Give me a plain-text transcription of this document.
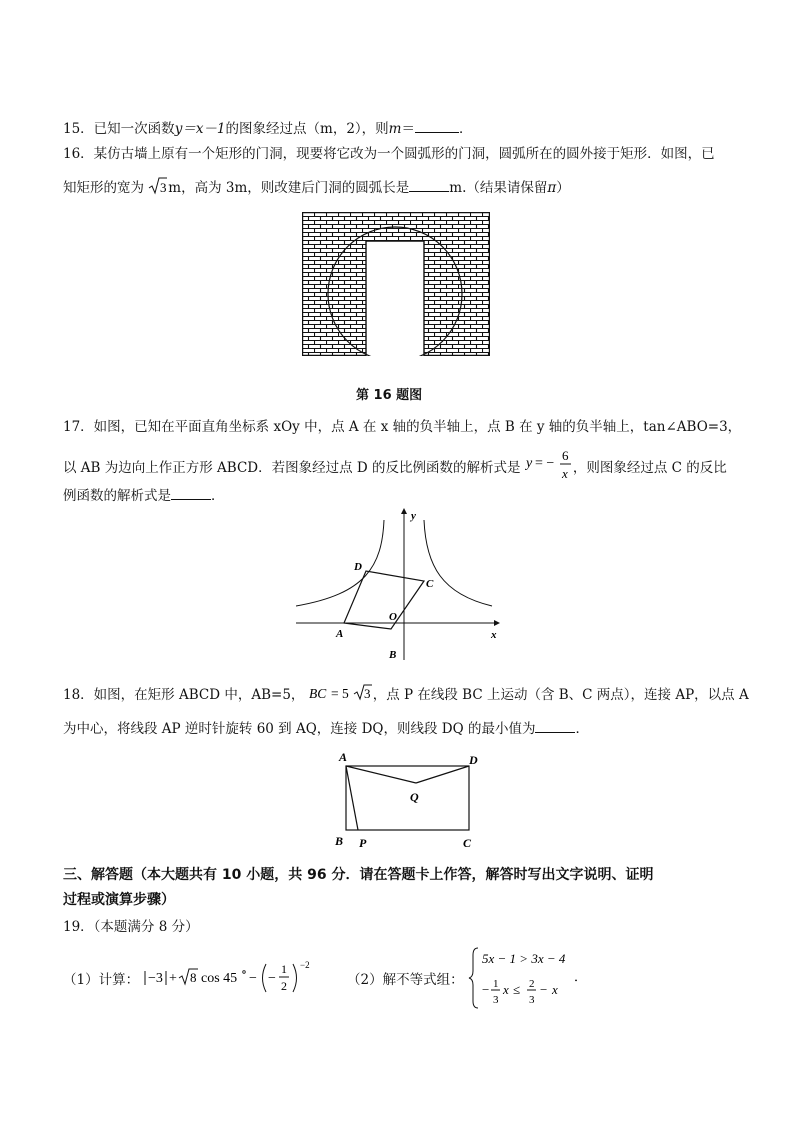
15．已知一次函数y＝x－1的图象经过点（m，2），则m＝	．
16．某仿古墙上原有一个矩形的门洞，现要将它改为一个圆弧形的门洞，圆弧所在的圆外接于矩形．如图，已
知矩形的宽为 3 m，高为 3m，则改建后门洞的圆弧长是	m.（结果请保留π）
第 16 题图
17．如图，已知在平面直角坐标系 xOy 中，点 A 在 x 轴的负半轴上，点 B 在 y 轴的负半轴上，tan∠ABO=3，
以 AB 为边向上作正方形 ABCD．若图象经过点 D 的反比例函数的解析式是 y = −
6
x ，则图象经过点 C 的反比
例函数的解析式是	．
y
x
O
A
B
C
D
18．如图，在矩形 ABCD 中，AB=5， BC = 5 3 ，点 P 在线段 BC 上运动（含 B、C 两点），连接 AP，以点 A
为中心，将线段 AP 逆时针旋转 60 到 AQ，连接 DQ，则线段 DQ 的最小值为	．
A	D
Q
B P	C
三、解答题（本大题共有 10 小题，共 96 分．请在答题卡上作答，解答时写出文字说明、证明
过程或演算步骤）
19．（本题满分 8 分）
（1）计算： −3 + 8 cos 45 − −
1
2
−2
（2）解不等式组：
5x − 1 > 3x − 4
− 1
3
x ≤ 2
3
− x
．
